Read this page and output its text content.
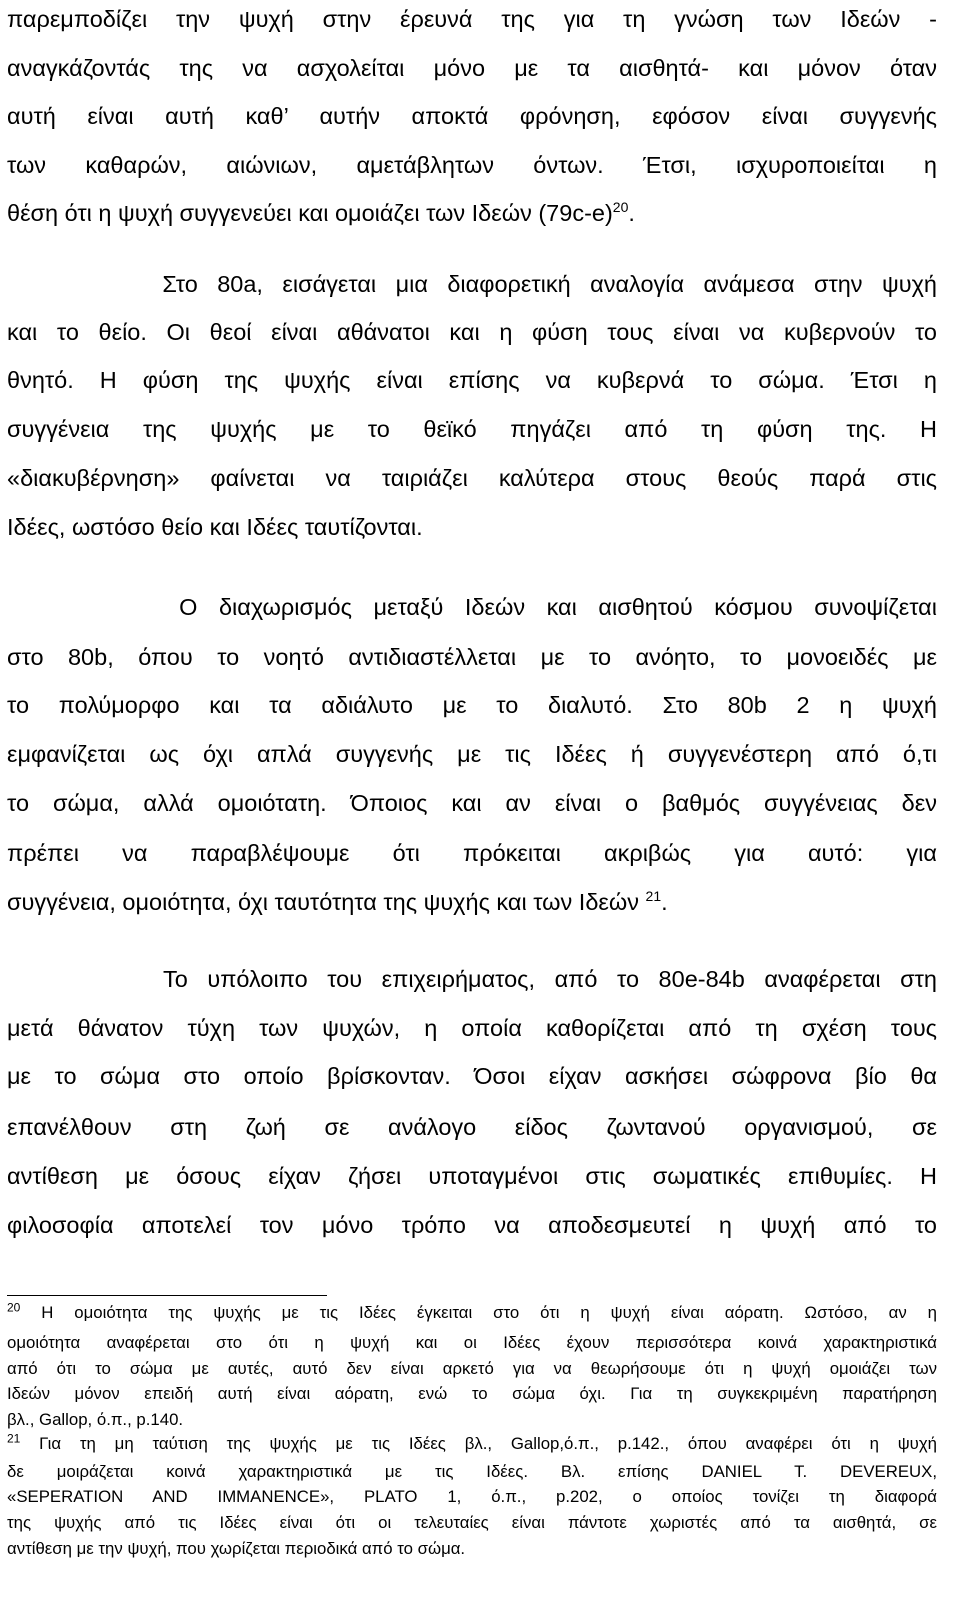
παρεμποδίζει την ψυχή στην έρευνά της για τη γνώση των Ιδεών -
αναγκάζοντάς της να ασχολείται μόνο με τα αισθητά- και μόνον όταν
αυτή είναι αυτή καθ’ αυτήν αποκτά φρόνηση, εφόσον είναι συγγενής
των καθαρών, αιώνιων, αμετάβλητων όντων. Έτσι, ισχυροποιείται η
θέση ότι η ψυχή συγγενεύει και ομοιάζει των Ιδεών $(79c-e)^{20}$.
Στο 80a, εισάγεται μια διαφορετική αναλογία ανάμεσα στην ψυχή
και το θείο. Οι θεοί είναι αθάνατοι και η φύση τους είναι να κυβερνούν το
θνητό. Η φύση της ψυχής είναι επίσης να κυβερνά το σώμα. Έτσι η
συγγένεια της ψυχής με το θεϊκό πηγάζει από τη φύση της. Η
«διακυβέρνηση» φαίνεται να ταιριάζει καλύτερα στους θεούς παρά στις
Ιδέες, ωστόσο θείο και Ιδέες ταυτίζονται.
Ο διαχωρισμός μεταξύ Ιδεών και αισθητού κόσμου συνοψίζεται
στο 80b, όπου το νοητό αντιδιαστέλλεται με το ανόητο, το μονοειδές με
το πολύμορφο και τα αδιάλυτο με το διαλυτό. Στο 80b 2 η ψυχή
εμφανίζεται ως όχι απλά συγγενής με τις Ιδέες ή συγγενέστερη από ό,τι
το σώμα, αλλά ομοιότατη. Όποιος και αν είναι ο βαθμός συγγένειας δεν
πρέπει να παραβλέψουμε ότι πρόκειται ακριβώς για αυτό: για
συγγένεια, ομοιότητα, όχι ταυτότητα της ψυχής και των Ιδεών $^{21}$.
Το υπόλοιπο του επιχειρήματος, από το 80e-84b αναφέρεται στη
μετά θάνατον τύχη των ψυχών, η οποία καθορίζεται από τη σχέση τους
με το σώμα στο οποίο βρίσκονταν. Όσοι είχαν ασκήσει σώφρονα βίο θα
επανέλθουν στη ζωή σε ανάλογο είδος ζωντανού οργανισμού, σε
αντίθεση με όσους είχαν ζήσει υποταγμένοι στις σωματικές επιθυμίες. Η
φιλοσοφία αποτελεί τον μόνο τρόπο να αποδεσμευτεί η ψυχή από το
$^{20}$ Η ομοιότητα της ψυχής με τις Ιδέες έγκειται στο ότι η ψυχή είναι αόρατη. Ωστόσο, αν η
ομοιότητα αναφέρεται στο ότι η ψυχή και οι Ιδέες έχουν περισσότερα κοινά χαρακτηριστικά
από ότι το σώμα με αυτές, αυτό δεν είναι αρκετό για να θεωρήσουμε ότι η ψυχή ομοιάζει των
Ιδεών μόνον επειδή αυτή είναι αόρατη, ενώ το σώμα όχι. Για τη συγκεκριμένη παρατήρηση
βλ., Gallop, ό.π., p.140.
$^{21}$ Για τη μη ταύτιση της ψυχής με τις Ιδέες βλ., Gallop,ό.π., p.142., όπου αναφέρει ότι η ψυχή
δε μοιράζεται κοινά χαρακτηριστικά με τις Ιδέες. Βλ. επίσης DANIEL T. DEVEREUX,
«SEPERATION AND IMMANENCE», PLATO 1, ό.π., p.202, ο οποίος τονίζει τη διαφορά
της ψυχής από τις Ιδέες είναι ότι οι τελευταίες είναι πάντοτε χωριστές από τα αισθητά, σε
αντίθεση με την ψυχή, που χωρίζεται περιοδικά από το σώμα.
